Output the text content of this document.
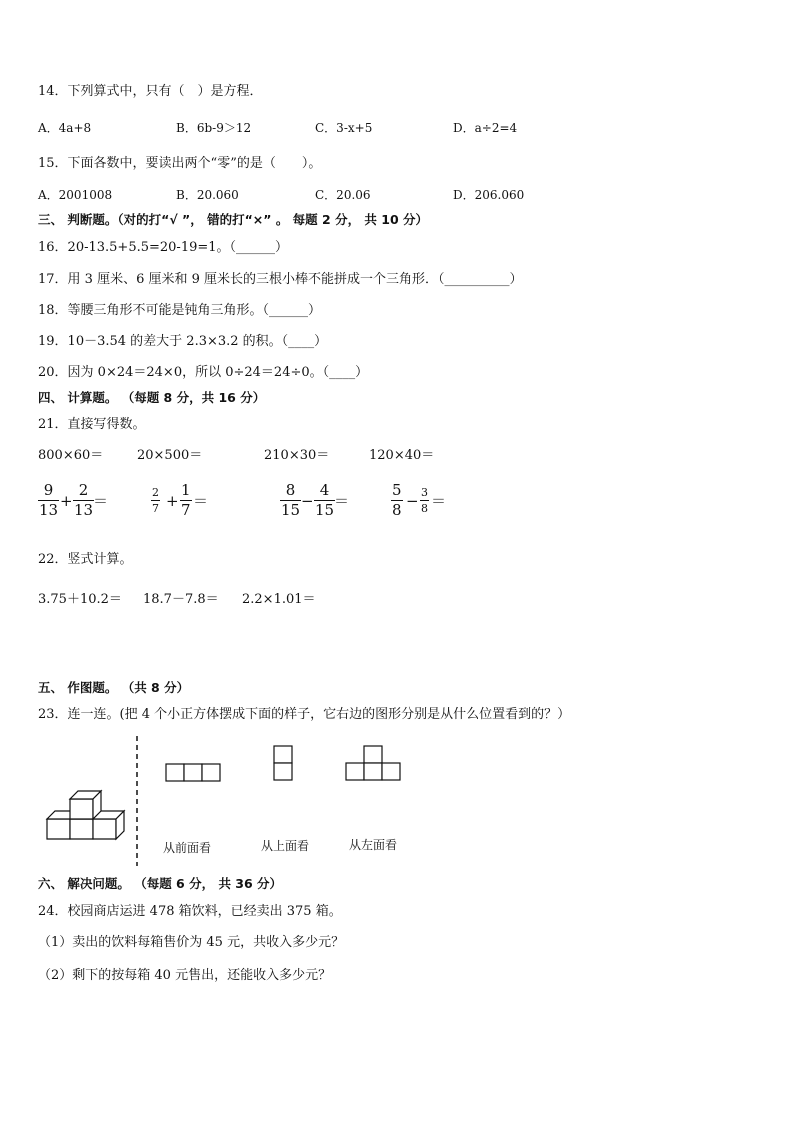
14．下列算式中，只有（　）是方程．
A．4a+8	B．6b-9＞12	C．3-x+5	D．a÷2=4
15．下面各数中，要读出两个“零”的是（　　）。
A．2001008	B．20.060	C．20.06	D．206.060
三、 判断题。（对的打“√ ”， 错的打“×” 。 每题 2 分， 共 10 分）
16．20-13.5+5.5=20-19=1。（______）
17．用 3 厘米、6 厘米和 9 厘米长的三根小棒不能拼成一个三角形．（__________）
18．等腰三角形不可能是钝角三角形。（______）
19．10－3.54 的差大于 2.3×3.2 的积。（____）
20．因为 0×24＝24×0，所以 0÷24＝24÷0。（____）
四、 计算题。 （每题 8 分，共 16 分）
21．直接写得数。
800×60＝	20×500＝	210×30＝	120×40＝
$\frac{9}{13} + \frac{2}{13}$
＝	$\frac{2}{7} + \frac{1}{7}$ ＝	$\frac{8}{15} - \frac{4}{15}$
＝	$\frac{5}{8} - \frac{3}{8}$ ＝
22．竖式计算。
3.75＋10.2＝ 18.7－7.8＝ 2.2×1.01＝
五、 作图题。 （共 8 分）
23．连一连。(把 4 个小正方体摆成下面的样子，它右边的图形分别是从什么位置看到的？）
从前面看	从上面看	从左面看
六、 解决问题。 （每题 6 分， 共 36 分）
24．校园商店运进 478 箱饮料，已经卖出 375 箱。
（1）卖出的饮料每箱售价为 45 元，共收入多少元？
（2）剩下的按每箱 40 元售出，还能收入多少元？
